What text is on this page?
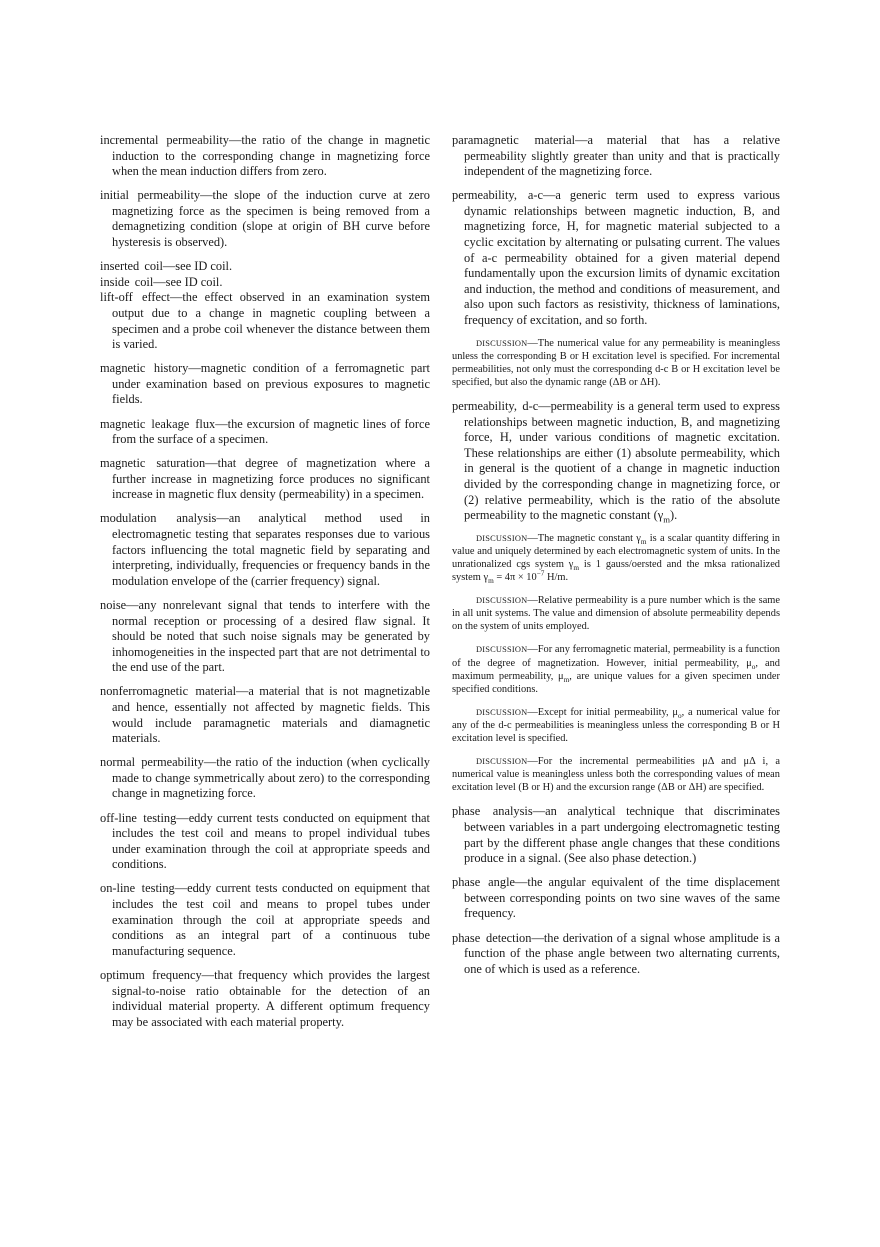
incremental permeability—the ratio of the change in magnetic induction to the corresponding change in magnetizing force when the mean induction differs from zero.

initial permeability—the slope of the induction curve at zero magnetizing force as the specimen is being removed from a demagnetizing condition (slope at origin of BH curve before hysteresis is observed).

inserted coil—see ID coil.

inside coil—see ID coil.

lift-off effect—the effect observed in an examination system output due to a change in magnetic coupling between a specimen and a probe coil whenever the distance between them is varied.

magnetic history—magnetic condition of a ferromagnetic part under examination based on previous exposures to magnetic fields.

magnetic leakage flux—the excursion of magnetic lines of force from the surface of a specimen.

magnetic saturation—that degree of magnetization where a further increase in magnetizing force produces no significant increase in magnetic flux density (permeability) in a specimen.

modulation analysis—an analytical method used in electromagnetic testing that separates responses due to various factors influencing the total magnetic field by separating and interpreting, individually, frequencies or frequency bands in the modulation envelope of the (carrier frequency) signal.

noise—any nonrelevant signal that tends to interfere with the normal reception or processing of a desired flaw signal. It should be noted that such noise signals may be generated by inhomogeneities in the inspected part that are not detrimental to the end use of the part.

nonferromagnetic material—a material that is not magnetizable and hence, essentially not affected by magnetic fields. This would include paramagnetic materials and diamagnetic materials.

normal permeability—the ratio of the induction (when cyclically made to change symmetrically about zero) to the corresponding change in magnetizing force.

off-line testing—eddy current tests conducted on equipment that includes the test coil and means to propel individual tubes under examination through the coil at appropriate speeds and conditions.

on-line testing—eddy current tests conducted on equipment that includes the test coil and means to propel tubes under examination through the coil at appropriate speeds and conditions as an integral part of a continuous tube manufacturing sequence.

optimum frequency—that frequency which provides the largest signal-to-noise ratio obtainable for the detection of an individual material property. A different optimum frequency may be associated with each material property.

paramagnetic material—a material that has a relative permeability slightly greater than unity and that is practically independent of the magnetizing force.

permeability, a-c—a generic term used to express various dynamic relationships between magnetic induction, B, and magnetizing force, H, for magnetic material subjected to a cyclic excitation by alternating or pulsating current. The values of a-c permeability obtained for a given material depend fundamentally upon the excursion limits of dynamic excitation and induction, the method and conditions of measurement, and also upon such factors as resistivity, thickness of laminations, frequency of excitation, and so forth.

DISCUSSION—The numerical value for any permeability is meaningless unless the corresponding B or H excitation level is specified. For incremental permeabilities, not only must the corresponding d-c B or H excitation level be specified, but also the dynamic range (ΔB or ΔH).

permeability, d-c—permeability is a general term used to express relationships between magnetic induction, B, and magnetizing force, H, under various conditions of magnetic excitation. These relationships are either (1) absolute permeability, which in general is the quotient of a change in magnetic induction divided by the corresponding change in magnetizing force, or (2) relative permeability, which is the ratio of the absolute permeability to the magnetic constant $(\gamma_m)$.

DISCUSSION—The magnetic constant $\gamma_m$ is a scalar quantity differing in value and uniquely determined by each electromagnetic system of units. In the unrationalized cgs system $\gamma_m$ is 1 gauss/oersted and the mksa rationalized system $\gamma_m = 4\pi \times 10^{-7}$ H/m.

DISCUSSION—Relative permeability is a pure number which is the same in all unit systems. The value and dimension of absolute permeability depends on the system of units employed.

DISCUSSION—For any ferromagnetic material, permeability is a function of the degree of magnetization. However, initial permeability, $\mu_o$, and maximum permeability, $\mu_m$, are unique values for a given specimen under specified conditions.

DISCUSSION—Except for initial permeability, $\mu_o$, a numerical value for any of the d-c permeabilities is meaningless unless the corresponding B or H excitation level is specified.

DISCUSSION—For the incremental permeabilities μΔ and μΔ i, a numerical value is meaningless unless both the corresponding values of mean excitation level (B or H) and the excursion range (ΔB or ΔH) are specified.

phase analysis—an analytical technique that discriminates between variables in a part undergoing electromagnetic testing part by the different phase angle changes that these conditions produce in a signal. (See also phase detection.)

phase angle—the angular equivalent of the time displacement between corresponding points on two sine waves of the same frequency.

phase detection—the derivation of a signal whose amplitude is a function of the phase angle between two alternating currents, one of which is used as a reference.
